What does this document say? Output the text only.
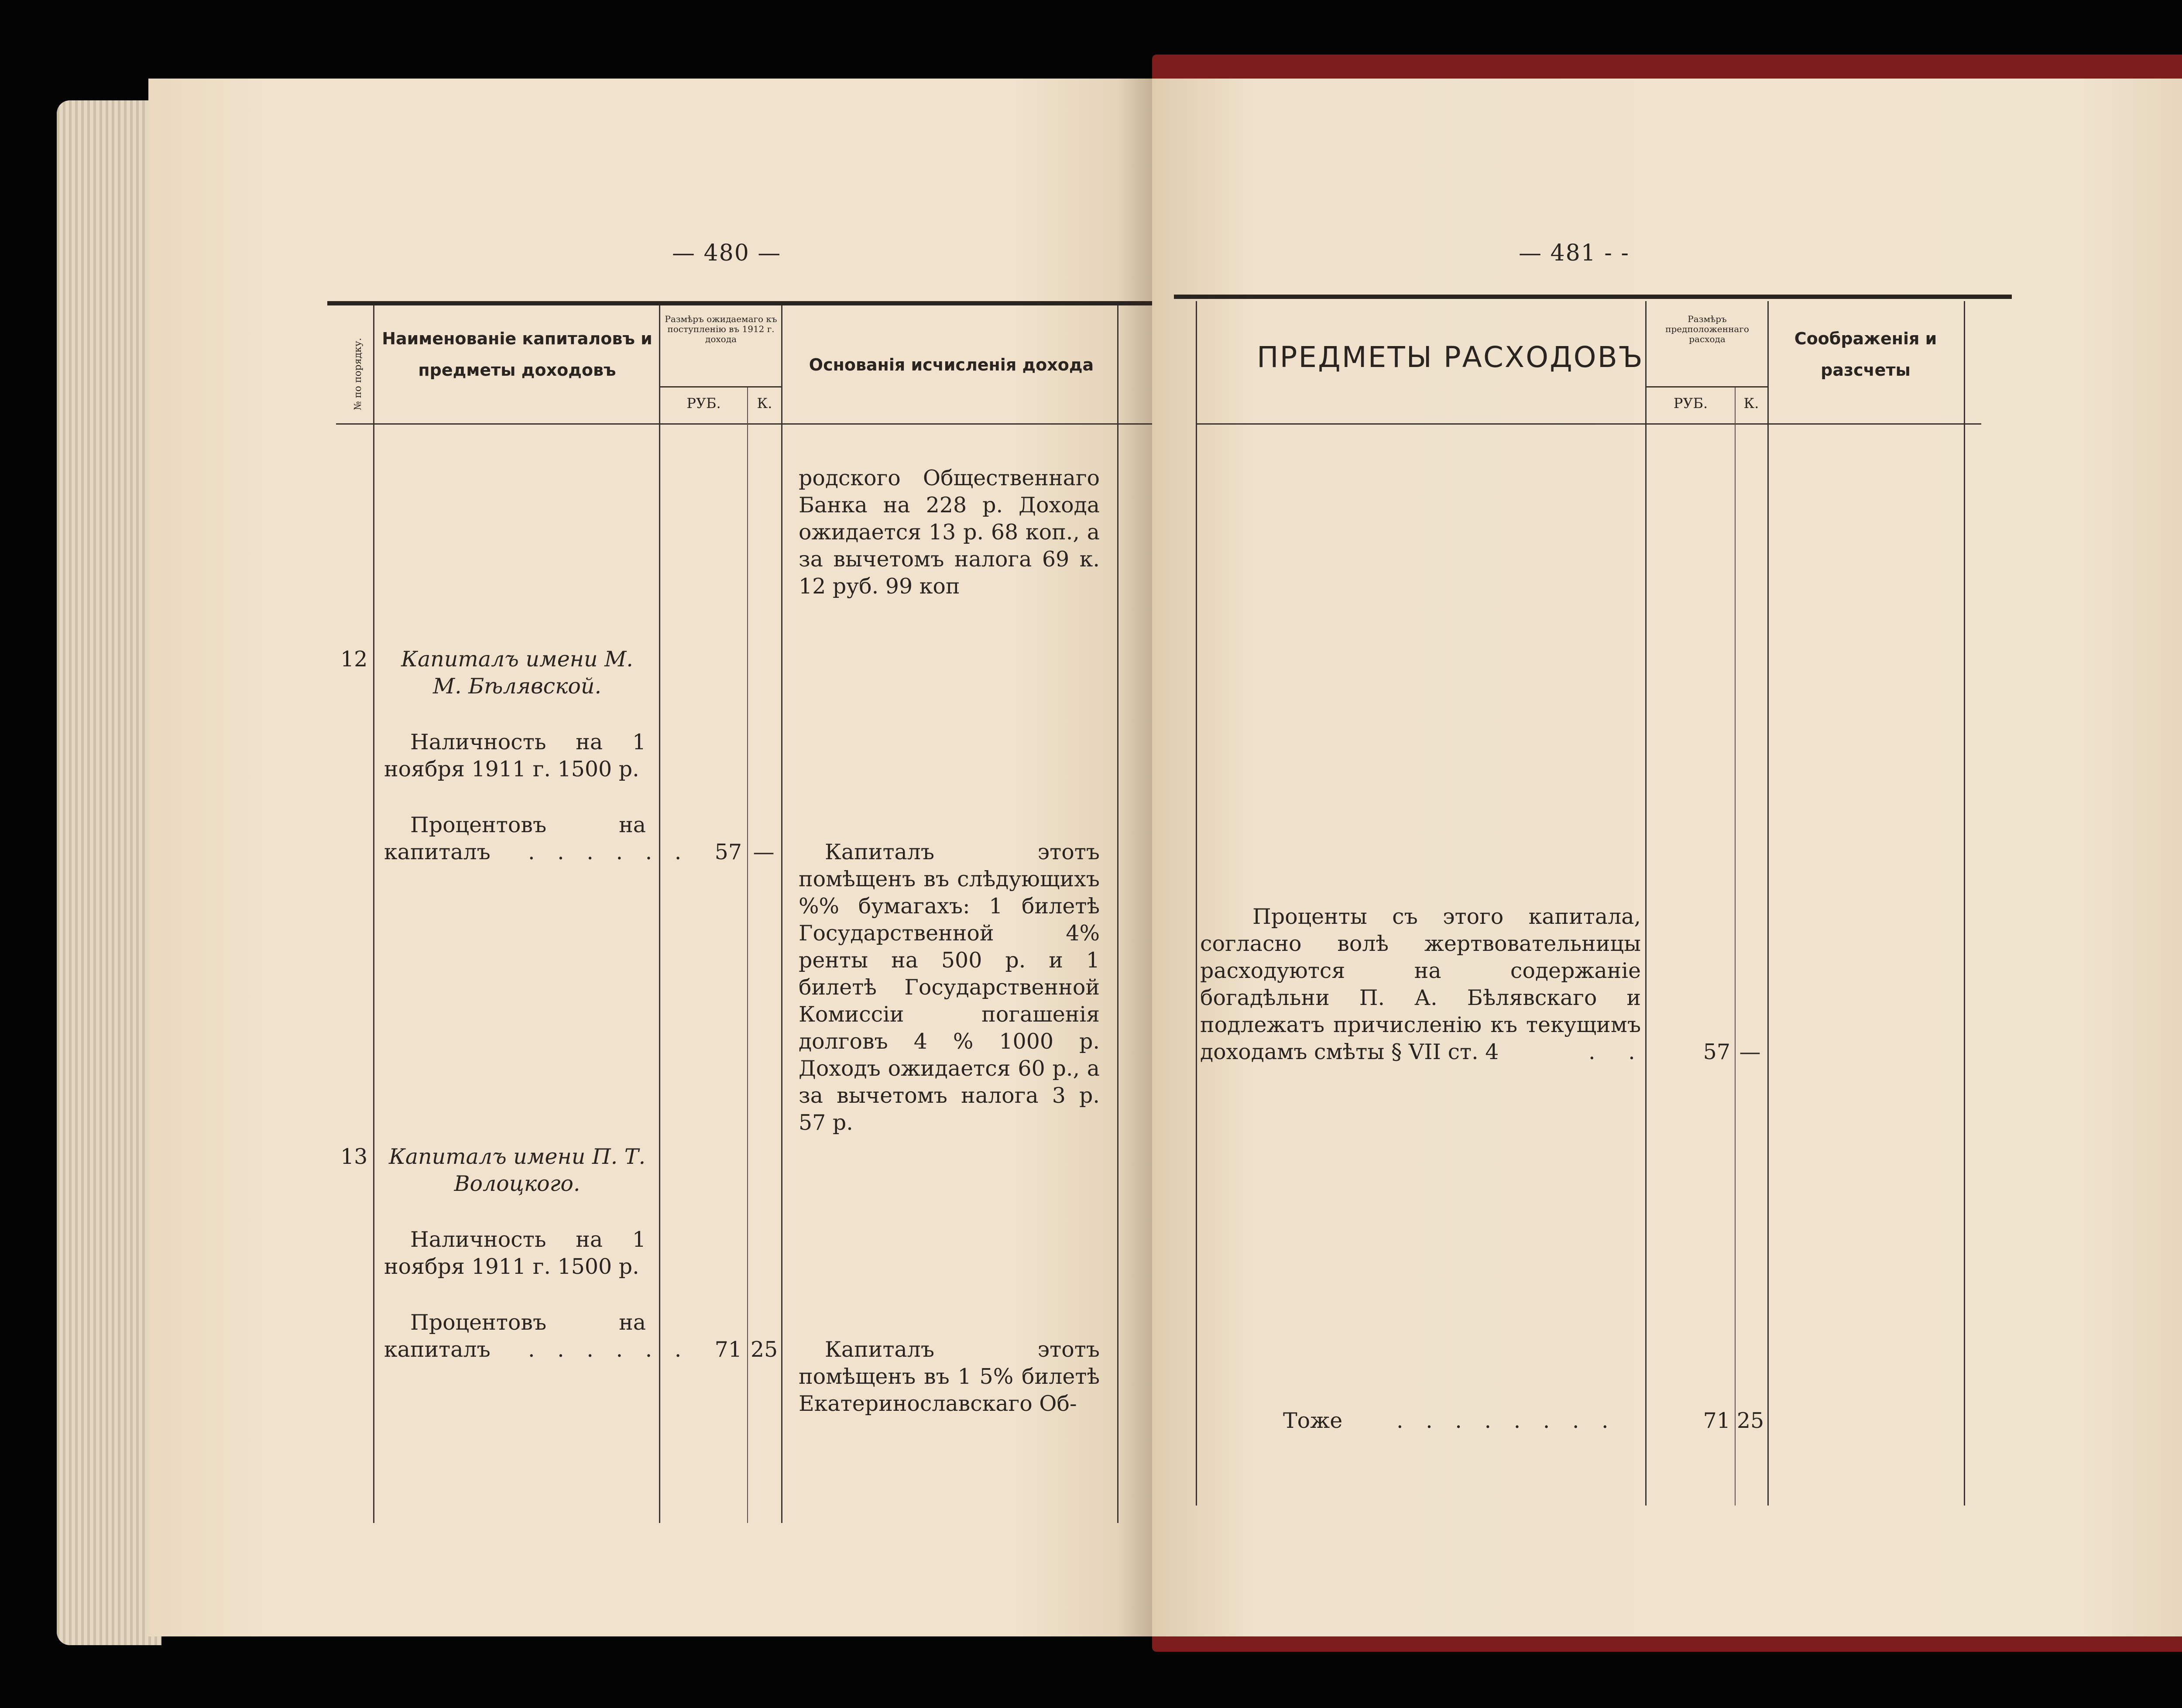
— 480 —
№ по порядку.	Наименованіе капиталовъ и предметы доходовъ
Размѣръ ожидаемаго къ поступленію въ 1912 г. дохода
РУБ.	К.
Основанія исчисленія дохода
родского Общественнаго Банка на 228 р. Дохода ожидается 13 р. 68 коп., а за вычетомъ налога 69 к. 12 руб. 99 коп
12	Капиталъ имени М. М. Бѣлявской.
Наличность на 1 ноября 1911 г. 1500 р.
Процентовъ на капиталъ	. . . . . .	57 —	Капиталъ этотъ помѣщенъ въ слѣдующихъ %% бумагахъ: 1 билетѣ Государственной 4% ренты на 500 р. и 1 билетѣ Государственной Комиссіи погашенія долговъ 4 % 1000 р. Доходъ ожидается 60 р., а за вычетомъ налога 3 р. 57 р.
13 Капиталъ имени П. Т. Волоцкого.
Наличность на 1 ноября 1911 г. 1500 р.
Процентовъ на капиталъ	. . . . . .	71 25	Капиталъ этотъ помѣщенъ въ 1 5% билетѣ Екатеринославскаго Об-
— 481 - -
ПРЕДМЕТЫ РАСХОДОВЪ
Размѣръ предположеннаго расхода
РУБ.	К.
Соображенія и разсчеты
Проценты съ этого капитала, согласно волѣ жертвовательницы расходуются на содержаніе богадѣльни П. А. Бѣлявскаго и подлежатъ причисленію къ текущимъ доходамъ смѣты § VII ст. 4	. .	57 —
Тоже	. . . . . . . .	71 25
